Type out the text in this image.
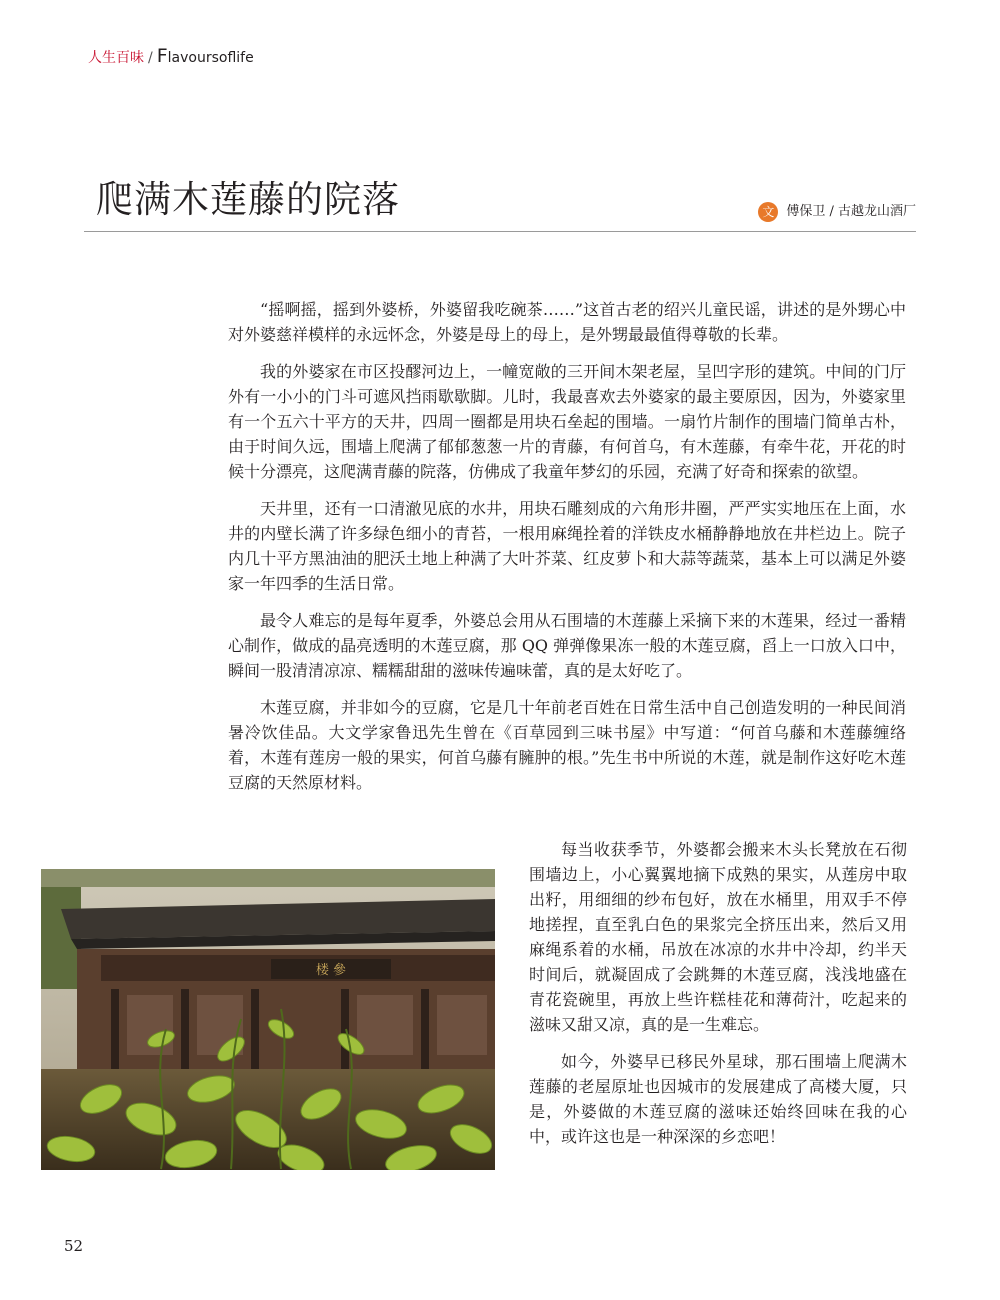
人生百味 / Flavoursoflife
爬满木莲藤的院落	文 傅保卫 / 古越龙山酒厂

“摇啊摇，摇到外婆桥，外婆留我吃碗茶……”这首古老的绍兴儿童民谣，讲述的是外甥心中对外婆慈祥模样的永远怀念，外婆是母上的母上，是外甥最最值得尊敬的长辈。

我的外婆家在市区投醪河边上，一幢宽敞的三开间木架老屋，呈凹字形的建筑。中间的门厅外有一小小的门斗可遮风挡雨歇歇脚。儿时，我最喜欢去外婆家的最主要原因，因为，外婆家里有一个五六十平方的天井，四周一圈都是用块石垒起的围墙。一扇竹片制作的围墙门简单古朴，由于时间久远，围墙上爬满了郁郁葱葱一片的青藤，有何首乌，有木莲藤，有牵牛花，开花的时候十分漂亮，这爬满青藤的院落，仿佛成了我童年梦幻的乐园，充满了好奇和探索的欲望。

天井里，还有一口清澈见底的水井，用块石雕刻成的六角形井圈，严严实实地压在上面，水井的内壁长满了许多绿色细小的青苔，一根用麻绳拴着的洋铁皮水桶静静地放在井栏边上。院子内几十平方黑油油的肥沃土地上种满了大叶芥菜、红皮萝卜和大蒜等蔬菜，基本上可以满足外婆家一年四季的生活日常。

最令人难忘的是每年夏季，外婆总会用从石围墙的木莲藤上采摘下来的木莲果，经过一番精心制作，做成的晶亮透明的木莲豆腐，那 QQ 弹弹像果冻一般的木莲豆腐，舀上一口放入口中，瞬间一股清清凉凉、糯糯甜甜的滋味传遍味蕾，真的是太好吃了。

木莲豆腐，并非如今的豆腐，它是几十年前老百姓在日常生活中自己创造发明的一种民间消暑冷饮佳品。大文学家鲁迅先生曾在《百草园到三味书屋》中写道：“何首乌藤和木莲藤缠络着，木莲有莲房一般的果实，何首乌藤有臃肿的根。”先生书中所说的木莲，就是制作这好吃木莲豆腐的天然原材料。

楼 參

每当收获季节，外婆都会搬来木头长凳放在石彻围墙边上，小心翼翼地摘下成熟的果实，从莲房中取出籽，用细细的纱布包好，放在水桶里，用双手不停地搓捏，直至乳白色的果浆完全挤压出来，然后又用麻绳系着的水桶，吊放在冰凉的水井中冷却，约半天时间后，就凝固成了会跳舞的木莲豆腐，浅浅地盛在青花瓷碗里，再放上些许糕桂花和薄荷汁，吃起来的滋味又甜又凉，真的是一生难忘。

如今，外婆早已移民外星球，那石围墙上爬满木莲藤的老屋原址也因城市的发展建成了高楼大厦，只是，外婆做的木莲豆腐的滋味还始终回味在我的心中，或许这也是一种深深的乡恋吧！

52
